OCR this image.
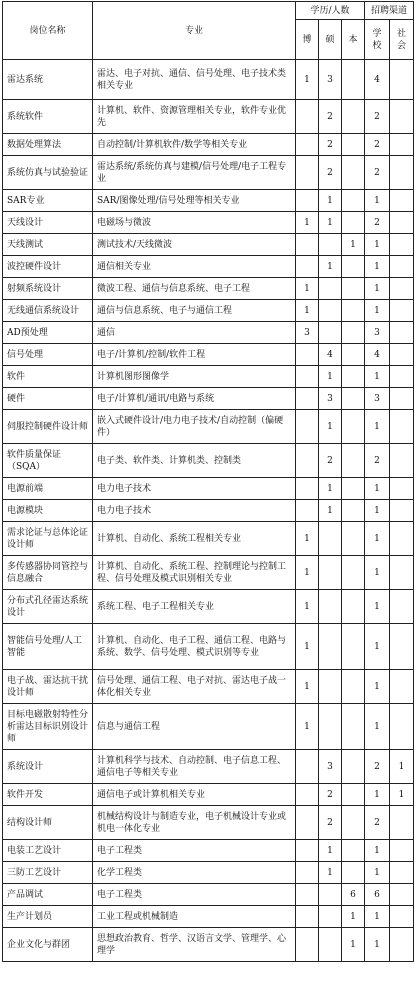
岗位名称	专业	学历/人数			招聘渠道	
		博	硕	本	学校	社会
雷达系统	雷达、电子对抗、通信、信号处理、电子技术类相关专业	1	3		4	
系统软件	计算机、软件、资源管理相关专业，软件专业优先		2		2	
数据处理算法	自动控制/计算机软件/数学等相关专业		2		2	
系统仿真与试验验证	雷达系统/系统仿真与建模/信号处理/电子工程专业		2		2	
SAR专业	SAR/图像处理/信号处理等相关专业		1		1	
天线设计	电磁场与微波	1	1		2	
天线测试	测试技术/天线微波			1	1	
波控硬件设计	通信相关专业		1		1	
射频系统设计	微波工程、通信与信息系统、电子工程	1			1	
无线通信系统设计	通信与信息系统、电子与通信工程	1			1	
AD预处理	通信	3			3	
信号处理	电子/计算机/控制/软件工程		4		4	
软件	计算机图形图像学		1		1	
硬件	电子/计算机/通讯/电路与系统		3		3	
伺服控制硬件设计师	嵌入式硬件设计/电力电子技术/自动控制（偏硬件）		1		1	
软件质量保证（SQA）	电子类、软件类、计算机类、控制类		2		2	
电源前端	电力电子技术		1		1	
电源模块	电力电子技术		1		1	
需求论证与总体论证设计师	计算机、自动化、系统工程相关专业	1			1	
多传感器协同管控与信息融合	计算机、自动化、系统工程、控制理论与控制工程、信号处理及模式识别相关专业	1			1	
分布式孔径雷达系统设计	系统工程、电子工程相关专业	1			1	
智能信号处理/人工智能	计算机、自动化、电子工程、通信工程、电路与系统、数学、信号处理、模式识别等专业	1			1	
电子战、雷达抗干扰设计师	信号处理、通信工程、电子对抗、雷达电子战一体化相关专业	1			1	
目标电磁散射特性分析雷达目标识别设计师	信息与通信工程	1			1	
系统设计	计算机科学与技术、自动控制、电子信息工程、通信电子等相关专业		3		2	1
软件开发	通信电子或计算机相关专业		2		1	1
结构设计师	机械结构设计与制造专业，电子机械设计专业或机电一体化专业		2		2	
电装工艺设计	电子工程类		1		1	
三防工艺设计	化学工程类		1		1	
产品调试	电子工程类			6	6	
生产计划员	工业工程或机械制造			1	1	
企业文化与群团	思想政治教育、哲学、汉语言文学、管理学、心理学			1	1	
